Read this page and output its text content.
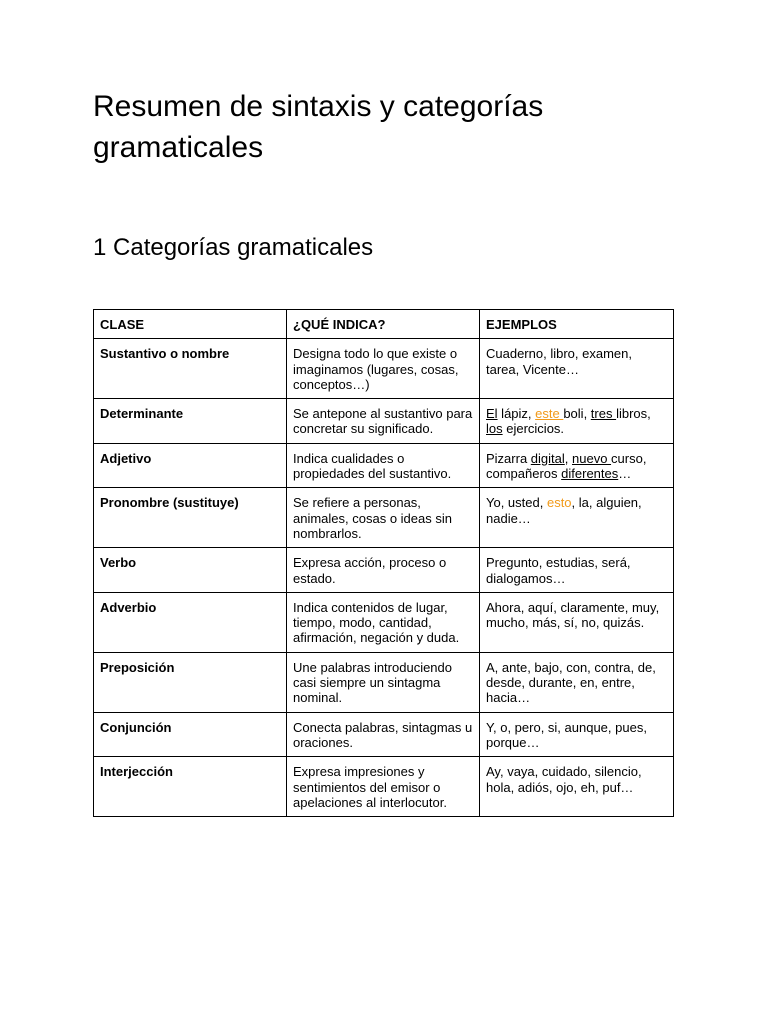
Resumen de sintaxis y categorías gramaticales
1 Categorías gramaticales
CLASE	¿QUÉ INDICA?	EJEMPLOS
Sustantivo o nombre	Designa todo lo que existe o imaginamos (lugares, cosas, conceptos…)	Cuaderno, libro, examen, tarea, Vicente…
Determinante	Se antepone al sustantivo para concretar su significado.	El lápiz, este boli, tres libros, los ejercicios.
Adjetivo	Indica cualidades o propiedades del sustantivo.	Pizarra digital, nuevo curso, compañeros diferentes…
Pronombre (sustituye)	Se refiere a personas, animales, cosas o ideas sin nombrarlos.	Yo, usted, esto, la, alguien, nadie…
Verbo	Expresa acción, proceso o estado.	Pregunto, estudias, será, dialogamos…
Adverbio	Indica contenidos de lugar, tiempo, modo, cantidad, afirmación, negación y duda.	Ahora, aquí, claramente, muy, mucho, más, sí, no, quizás.
Preposición	Une palabras introduciendo casi siempre un sintagma nominal.	A, ante, bajo, con, contra, de, desde, durante, en, entre, hacia…
Conjunción	Conecta palabras, sintagmas u oraciones.	Y, o, pero, si, aunque, pues, porque…
Interjección	Expresa impresiones y sentimientos del emisor o apelaciones al interlocutor.	Ay, vaya, cuidado, silencio, hola, adiós, ojo, eh, puf…
